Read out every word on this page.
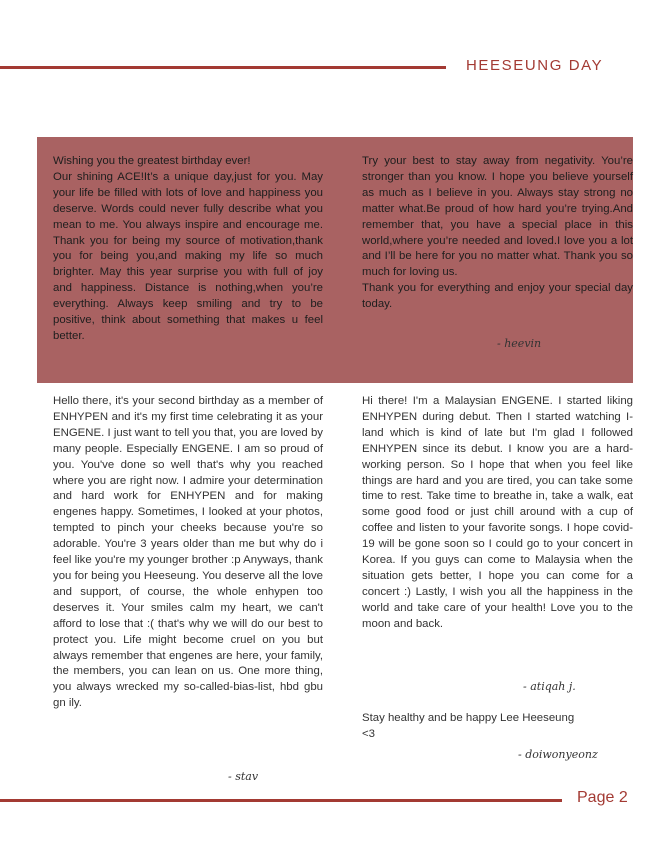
HEESEUNG DAY

Wishing you the greatest birthday ever!
Our shining ACE!It’s a unique day,just for you. May your life be filled with lots of love and happiness you deserve. Words could never fully describe what you mean to me. You always inspire and encourage me. Thank you for being my source of motivation,thank you for being you,and making my life so much brighter. May this year surprise you with full of joy and happiness. Distance is nothing,when you’re everything. Always keep smiling and try to be positive, think about something that makes u feel better.

Try your best to stay away from negativity. You’re stronger than you know. I hope you believe yourself as much as I believe in you. Always stay strong no matter what.Be proud of how hard you’re trying.And remember that, you have a special place in this world,where you’re needed and loved.I love you a lot and I’ll be here for you no matter what. Thank you so much for loving us.
Thank you for everything and enjoy your special day today.

- heevin

Hello there, it's your second birthday as a member of ENHYPEN and it's my first time celebrating it as your ENGENE. I just want to tell you that, you are loved by many people. Especially ENGENE. I am so proud of you. You've done so well that's why you reached where you are right now. I admire your determination and hard work for ENHYPEN and for making engenes happy. Sometimes, I looked at your photos, tempted to pinch your cheeks because you're so adorable. You're 3 years older than me but why do i feel like you're my younger brother :p Anyways, thank you for being you Heeseung. You deserve all the love and support, of course, the whole enhypen too deserves it. Your smiles calm my heart, we can't afford to lose that :( that's why we will do our best to protect you. Life might become cruel on you but always remember that engenes are here, your family, the members, you can lean on us. One more thing, you always wrecked my so-called-bias-list, hbd gbu gn ily.

- stav

Hi there! I'm a Malaysian ENGENE. I started liking ENHYPEN during debut. Then I started watching I-land which is kind of late but I'm glad I followed ENHYPEN since its debut. I know you are a hard-working person. So I hope that when you feel like things are hard and you are tired, you can take some time to rest. Take time to breathe in, take a walk, eat some good food or just chill around with a cup of coffee and listen to your favorite songs. I hope covid-19 will be gone soon so I could go to your concert in Korea. If you guys can come to Malaysia when the situation gets better, I hope you can come for a concert :) Lastly, I wish you all the happiness in the world and take care of your health! Love you to the moon and back.

- atiqah j.

Stay healthy and be happy Lee Heeseung
<3

- doiwonyeonz
Page 2
